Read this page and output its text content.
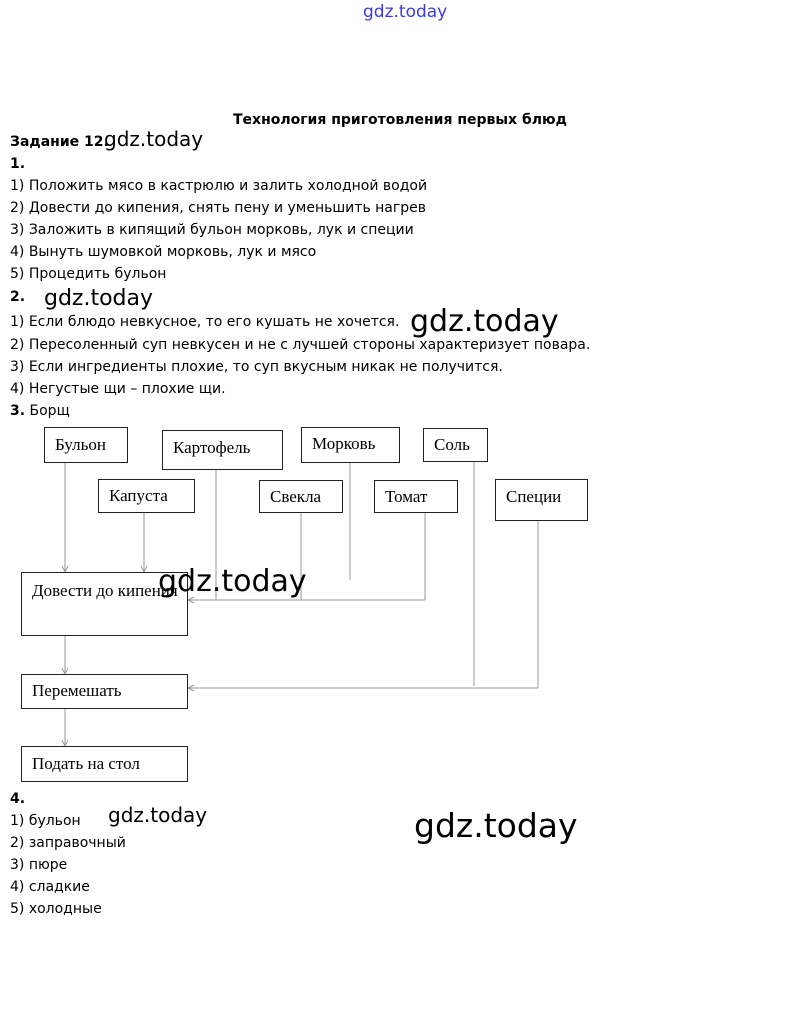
gdz.today
Технология приготовления первых блюд
Задание 12.
gdz.today
1.
1) Положить мясо в кастрюлю и залить холодной водой
2) Довести до кипения, снять пену и уменьшить нагрев
3) Заложить в кипящий бульон морковь, лук и специи
4) Вынуть шумовкой морковь, лук и мясо
5) Процедить бульон
2. gdz.today
1) Если блюдо невкусное, то его кушать не хочется. gdz.today
2) Пересоленный суп невкусен и не с лучшей стороны характеризует повара.
3) Если ингредиенты плохие, то суп вкусным никак не получится.
4) Негустые щи – плохие щи.
3. Борщ
Бульон	Картофель	Морковь	Соль
Капуста	Свекла	Томат	Специи
Довести до кипения
Перемешать
Подать на стол
gdz.today
4.
gdz.today
1) бульон
2) заправочный
3) пюре
4) сладкие
5) холодные
gdz.today
